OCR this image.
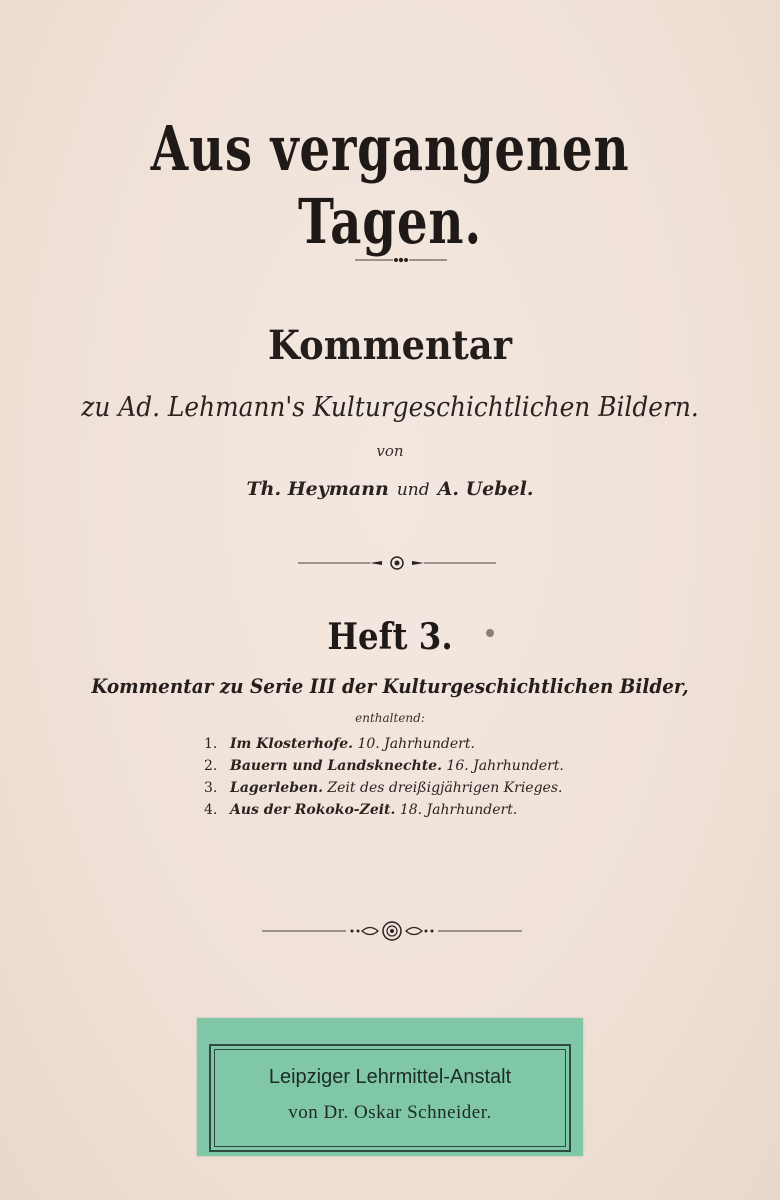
Aus vergangenen Tagen.
Kommentar
zu Ad. Lehmann's Kulturgeschichtlichen Bildern.
von
Th. Heymann und A. Uebel.
Heft 3.
Kommentar zu Serie III der Kulturgeschichtlichen Bilder,
enthaltend:
1. Im Klosterhofe. 10. Jahrhundert.
2. Bauern und Landsknechte. 16. Jahrhundert.
3. Lagerleben. Zeit des dreißigjährigen Krieges.
4. Aus der Rokoko-Zeit. 18. Jahrhundert.
Leipziger Lehrmittel-Anstalt
von Dr. Oskar Schneider.
